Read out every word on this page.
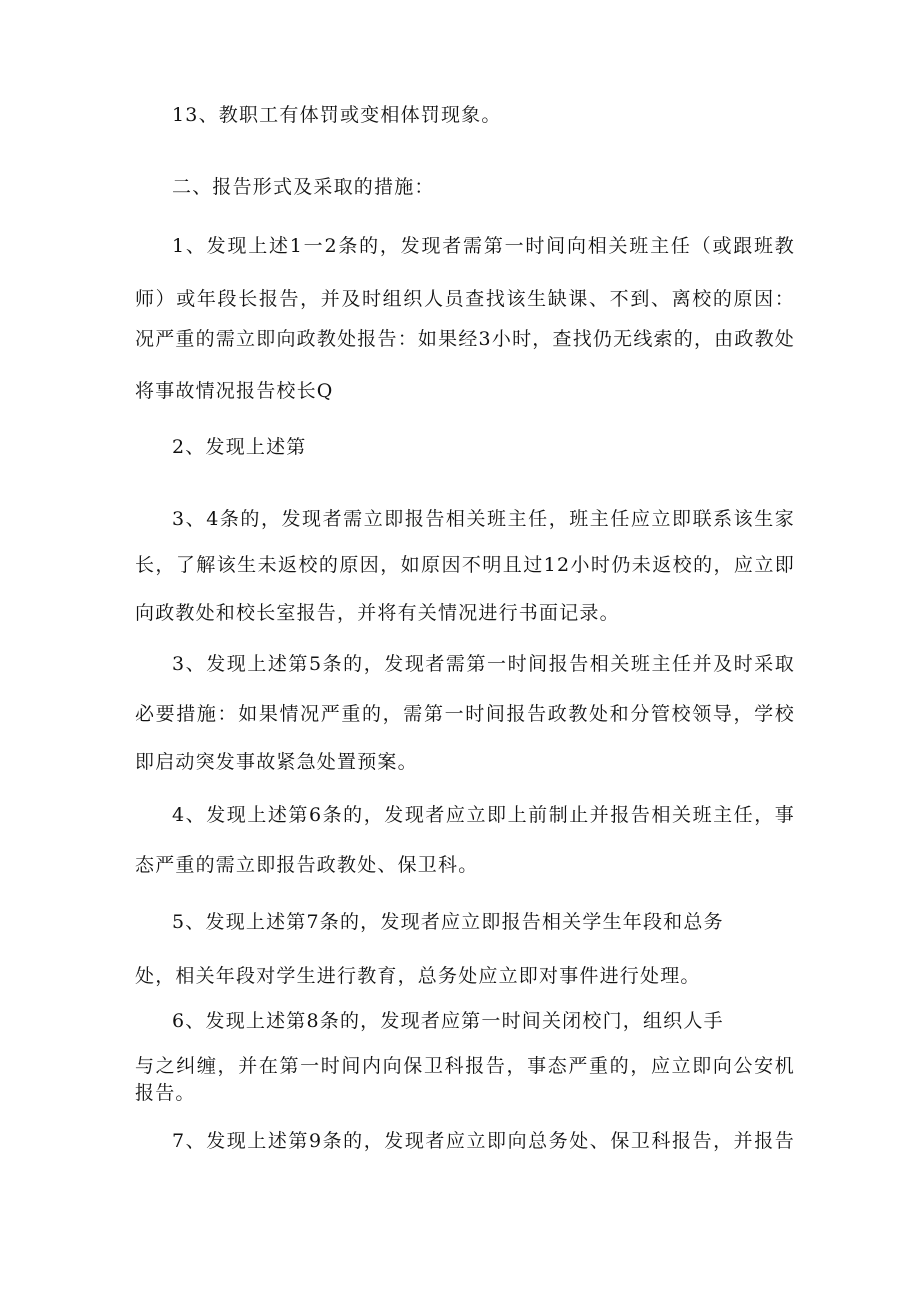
13、教职工有体罚或变相体罚现象。
二、报告形式及采取的措施：
1、发现上述1一2条的，发现者需第一时间向相关班主任（或跟班教
师）或年段长报告，并及时组织人员查找该生缺课、不到、离校的原因：
况严重的需立即向政教处报告：如果经3小时，查找仍无线索的，由政教处
将事故情况报告校长Q
2、发现上述第
3、4条的，发现者需立即报告相关班主任，班主任应立即联系该生家
长，了解该生未返校的原因，如原因不明且过12小时仍未返校的，应立即
向政教处和校长室报告，并将有关情况进行书面记录。
3、发现上述第5条的，发现者需第一时间报告相关班主任并及时采取
必要措施：如果情况严重的，需第一时间报告政教处和分管校领导，学校
即启动突发事故紧急处置预案。
4、发现上述第6条的，发现者应立即上前制止并报告相关班主任，事
态严重的需立即报告政教处、保卫科。
5、发现上述第7条的，发现者应立即报告相关学生年段和总务
处，相关年段对学生进行教育，总务处应立即对事件进行处理。
6、发现上述第8条的，发现者应第一时间关闭校门，组织人手
与之纠缠，并在第一时间内向保卫科报告，事态严重的，应立即向公安机
报告。
7、发现上述第9条的，发现者应立即向总务处、保卫科报告，并报告
